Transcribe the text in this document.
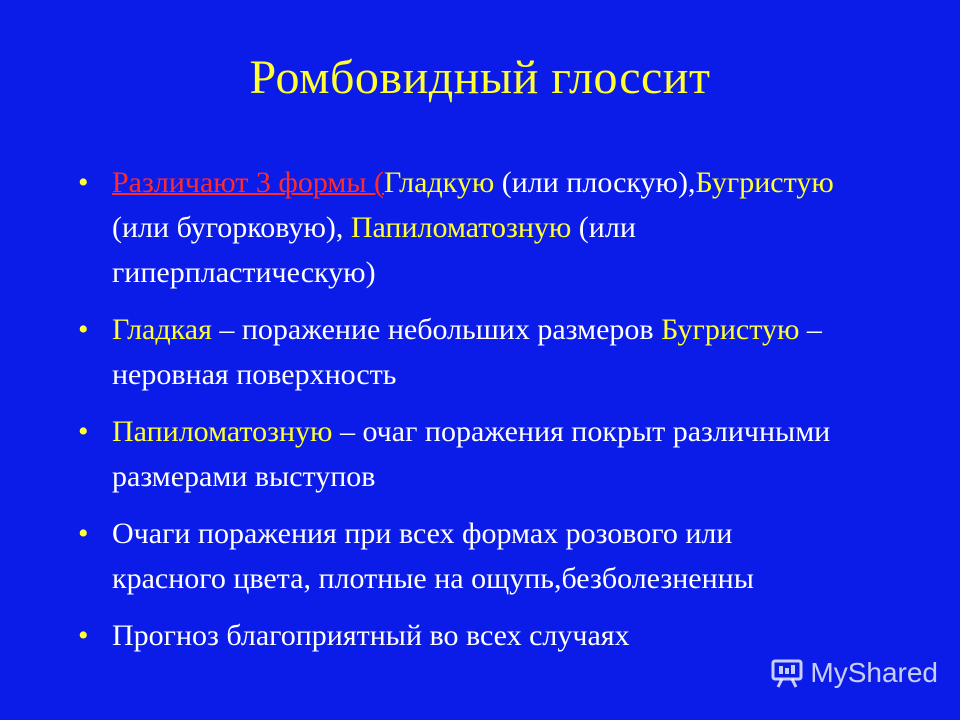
Ромбовидный глоссит
• Различают 3 формы (Гладкую (или плоскую),Бугристую (или бугорковую), Папиломатозную (или гиперпластическую)
• Гладкая – поражение небольших размеров Бугристую –неровная поверхность
• Папиломатозную – очаг поражения покрыт различными размерами выступов
• Очаги поражения при всех формах розового или красного цвета, плотные на ощупь,безболезненны
• Прогноз благоприятный во всех случаях
MyShared
